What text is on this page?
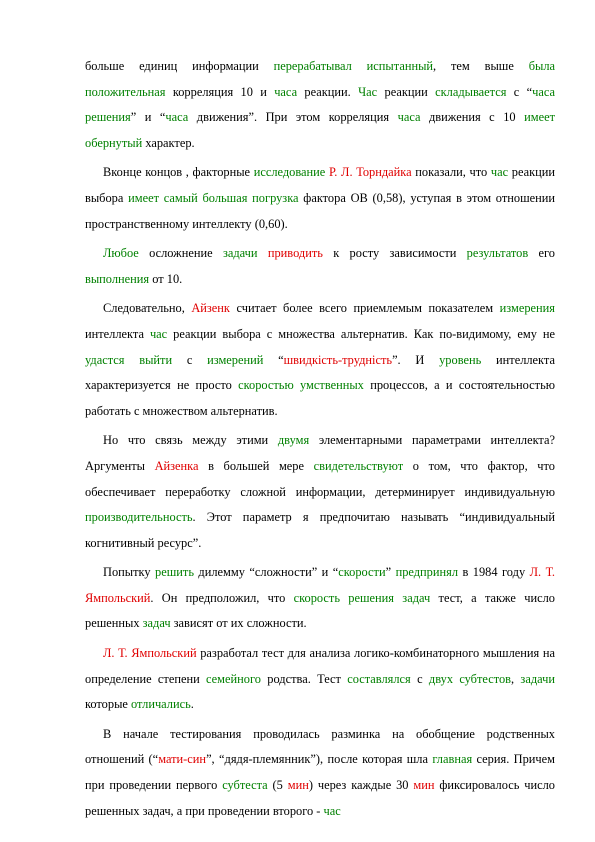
больше единиц информации перерабатывал испытанный, тем выше была положительная корреляция 10 и часа реакции. Час реакции складывается с “часа решения” и “часа движения”. При этом корреляция часа движения с 10 имеет обернутый характер.

Вконце концов , факторные исследование Р. Л. Торндайка показали, что час реакции выбора имеет самый большая погрузка фактора ОВ (0,58), уступая в этом отношении пространственному интеллекту (0,60).

Любое осложнение задачи приводить к росту зависимости результатов его выполнения от 10.

Следовательно, Айзенк считает более всего приемлемым показателем измерения интеллекта час реакции выбора с множества альтернатив. Как по-видимому, ему не удастся выйти с измерений “швидкість-трудність”. И уровень интеллекта характеризуется не просто скоростью умственных процессов, а и состоятельностью работать с множеством альтернатив.

Но что связь между этими двумя элементарными параметрами интеллекта? Аргументы Айзенка в большей мере свидетельствуют о том, что фактор, что обеспечивает переработку сложной информации, детерминирует индивидуальную производительность. Этот параметр я предпочитаю называть “индивидуальный когнитивный ресурс”.

Попытку решить дилемму “сложности” и “скорости” предпринял в 1984 году Л. Т. Ямпольский. Он предположил, что скорость решения задач тест, а также число решенных задач зависят от их сложности.

Л. Т. Ямпольский разработал тест для анализа логико-комбинаторного мышления на определение степени семейного родства. Тест составлялся с двух субтестов, задачи которые отличались.

В начале тестирования проводилась разминка на обобщение родственных отношений (“мати-син”, “дядя-племянник”), после которая шла главная серия. Причем при проведении первого субтеста (5 мин) через каждые 30 мин фиксировалось число решенных задач, а при проведении второго - час
